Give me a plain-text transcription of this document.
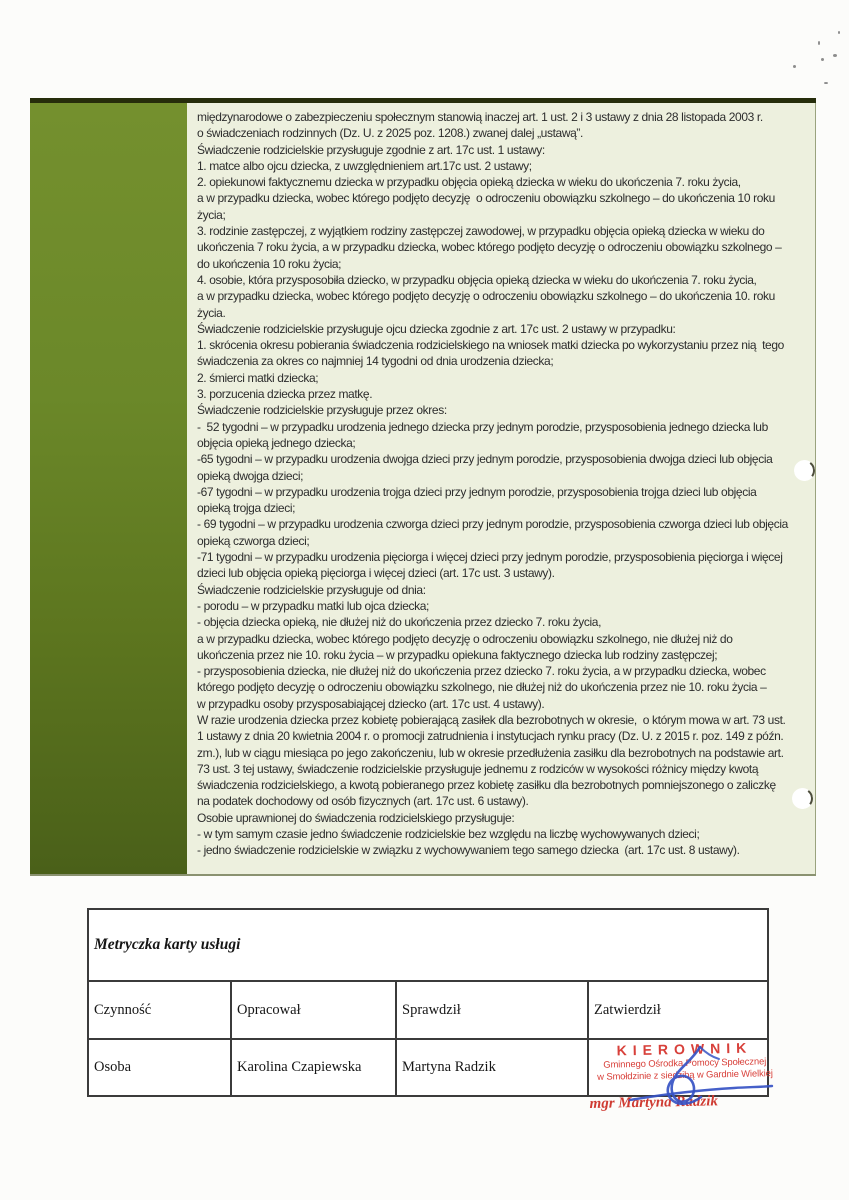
międzynarodowe o zabezpieczeniu społecznym stanowią inaczej art. 1 ust. 2 i 3 ustawy z dnia 28 listopada 2003 r.
o świadczeniach rodzinnych (Dz. U. z 2025 poz. 1208.) zwanej dalej „ustawą”.
Świadczenie rodzicielskie przysługuje zgodnie z art. 17c ust. 1 ustawy:
1. matce albo ojcu dziecka, z uwzględnieniem art.17c ust. 2 ustawy;
2. opiekunowi faktycznemu dziecka w przypadku objęcia opieką dziecka w wieku do ukończenia 7. roku życia,
a w przypadku dziecka, wobec którego podjęto decyzję  o odroczeniu obowiązku szkolnego – do ukończenia 10 roku
życia;
3. rodzinie zastępczej, z wyjątkiem rodziny zastępczej zawodowej, w przypadku objęcia opieką dziecka w wieku do
ukończenia 7 roku życia, a w przypadku dziecka, wobec którego podjęto decyzję o odroczeniu obowiązku szkolnego –
do ukończenia 10 roku życia;
4. osobie, która przysposobiła dziecko, w przypadku objęcia opieką dziecka w wieku do ukończenia 7. roku życia,
a w przypadku dziecka, wobec którego podjęto decyzję o odroczeniu obowiązku szkolnego – do ukończenia 10. roku
życia.
Świadczenie rodzicielskie przysługuje ojcu dziecka zgodnie z art. 17c ust. 2 ustawy w przypadku:
1. skrócenia okresu pobierania świadczenia rodzicielskiego na wniosek matki dziecka po wykorzystaniu przez nią  tego
świadczenia za okres co najmniej 14 tygodni od dnia urodzenia dziecka;
2. śmierci matki dziecka;
3. porzucenia dziecka przez matkę.
Świadczenie rodzicielskie przysługuje przez okres:
-  52 tygodni – w przypadku urodzenia jednego dziecka przy jednym porodzie, przysposobienia jednego dziecka lub
objęcia opieką jednego dziecka;
-65 tygodni – w przypadku urodzenia dwojga dzieci przy jednym porodzie, przysposobienia dwojga dzieci lub objęcia
opieką dwojga dzieci;
-67 tygodni – w przypadku urodzenia trojga dzieci przy jednym porodzie, przysposobienia trojga dzieci lub objęcia
opieką trojga dzieci;
- 69 tygodni – w przypadku urodzenia czworga dzieci przy jednym porodzie, przysposobienia czworga dzieci lub objęcia
opieką czworga dzieci;
-71 tygodni – w przypadku urodzenia pięciorga i więcej dzieci przy jednym porodzie, przysposobienia pięciorga i więcej
dzieci lub objęcia opieką pięciorga i więcej dzieci (art. 17c ust. 3 ustawy).
Świadczenie rodzicielskie przysługuje od dnia:
- porodu – w przypadku matki lub ojca dziecka;
- objęcia dziecka opieką, nie dłużej niż do ukończenia przez dziecko 7. roku życia,
a w przypadku dziecka, wobec którego podjęto decyzję o odroczeniu obowiązku szkolnego, nie dłużej niż do
ukończenia przez nie 10. roku życia – w przypadku opiekuna faktycznego dziecka lub rodziny zastępczej;
- przysposobienia dziecka, nie dłużej niż do ukończenia przez dziecko 7. roku życia, a w przypadku dziecka, wobec
którego podjęto decyzję o odroczeniu obowiązku szkolnego, nie dłużej niż do ukończenia przez nie 10. roku życia –
w przypadku osoby przysposabiającej dziecko (art. 17c ust. 4 ustawy).
W razie urodzenia dziecka przez kobietę pobierającą zasiłek dla bezrobotnych w okresie,  o którym mowa w art. 73 ust.
1 ustawy z dnia 20 kwietnia 2004 r. o promocji zatrudnienia i instytucjach rynku pracy (Dz. U. z 2015 r. poz. 149 z późn.
zm.), lub w ciągu miesiąca po jego zakończeniu, lub w okresie przedłużenia zasiłku dla bezrobotnych na podstawie art.
73 ust. 3 tej ustawy, świadczenie rodzicielskie przysługuje jednemu z rodziców w wysokości różnicy między kwotą
świadczenia rodzicielskiego, a kwotą pobieranego przez kobietę zasiłku dla bezrobotnych pomniejszonego o zaliczkę
na podatek dochodowy od osób fizycznych (art. 17c ust. 6 ustawy).
Osobie uprawnionej do świadczenia rodzicielskiego przysługuje:
- w tym samym czasie jedno świadczenie rodzicielskie bez względu na liczbę wychowywanych dzieci;
- jedno świadczenie rodzicielskie w związku z wychowywaniem tego samego dziecka  (art. 17c ust. 8 ustawy).
Metryczka karty usługi			
Czynność	Opracował	Sprawdził	Zatwierdził
Osoba	Karolina Czapiewska	Martyna Radzik	
KIEROWNIK
Gminnego Ośrodka Pomocy Społecznej
w Smołdzinie z siedzibą w Gardnie Wielkiej
mgr Martyna Radzik
